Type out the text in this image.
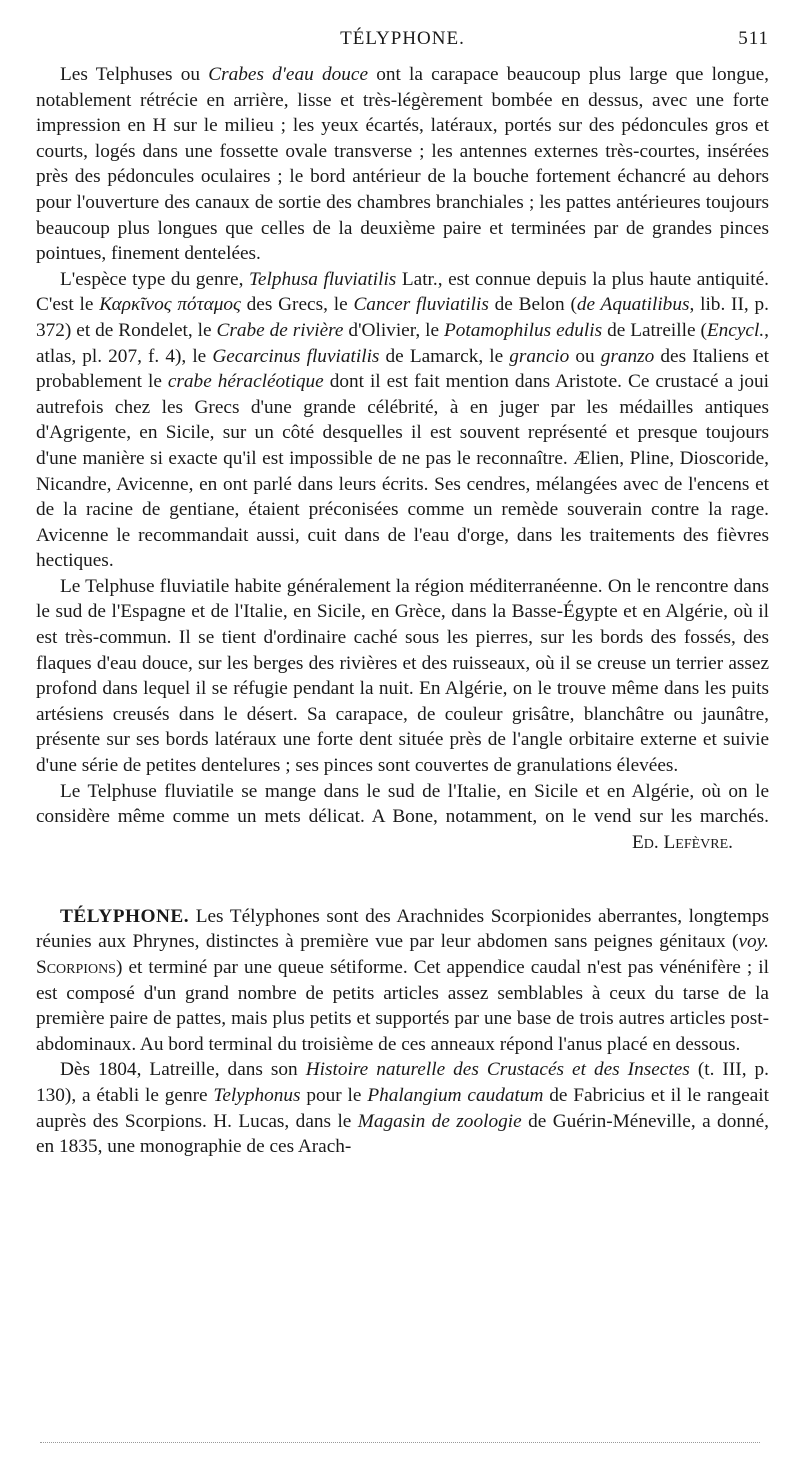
TÉLYPHONE.	511

Les Telphuses ou Crabes d'eau douce ont la carapace beaucoup plus large que longue, notablement rétrécie en arrière, lisse et très-légèrement bombée en dessus, avec une forte impression en H sur le milieu ; les yeux écartés, latéraux, portés sur des pédoncules gros et courts, logés dans une fossette ovale transverse ; les antennes externes très-courtes, insérées près des pédoncules oculaires ; le bord antérieur de la bouche fortement échancré au dehors pour l'ouverture des canaux de sortie des chambres branchiales ; les pattes antérieures toujours beaucoup plus longues que celles de la deuxième paire et terminées par de grandes pinces pointues, finement dentelées.

L'espèce type du genre, Telphusa fluviatilis Latr., est connue depuis la plus haute antiquité. C'est le Καρκῖνος πόταμος des Grecs, le Cancer fluviatilis de Belon (de Aquatilibus, lib. II, p. 372) et de Rondelet, le Crabe de rivière d'Olivier, le Potamophilus edulis de Latreille (Encycl., atlas, pl. 207, f. 4), le Gecarcinus fluviatilis de Lamarck, le grancio ou granzo des Italiens et probablement le crabe héracléotique dont il est fait mention dans Aristote. Ce crustacé a joui autrefois chez les Grecs d'une grande célébrité, à en juger par les médailles antiques d'Agrigente, en Sicile, sur un côté desquelles il est souvent représenté et presque toujours d'une manière si exacte qu'il est impossible de ne pas le reconnaître. Ælien, Pline, Dioscoride, Nicandre, Avicenne, en ont parlé dans leurs écrits. Ses cendres, mélangées avec de l'encens et de la racine de gentiane, étaient préconisées comme un remède souverain contre la rage. Avicenne le recommandait aussi, cuit dans de l'eau d'orge, dans les traitements des fièvres hectiques.

Le Telphuse fluviatile habite généralement la région méditerranéenne. On le rencontre dans le sud de l'Espagne et de l'Italie, en Sicile, en Grèce, dans la Basse-Égypte et en Algérie, où il est très-commun. Il se tient d'ordinaire caché sous les pierres, sur les bords des fossés, des flaques d'eau douce, sur les berges des rivières et des ruisseaux, où il se creuse un terrier assez profond dans lequel il se réfugie pendant la nuit. En Algérie, on le trouve même dans les puits artésiens creusés dans le désert. Sa carapace, de couleur grisâtre, blanchâtre ou jaunâtre, présente sur ses bords latéraux une forte dent située près de l'angle orbitaire externe et suivie d'une série de petites dentelures ; ses pinces sont couvertes de granulations élevées.

Le Telphuse fluviatile se mange dans le sud de l'Italie, en Sicile et en Algérie, où on le considère même comme un mets délicat. A Bone, notamment, on le vend sur les marchés.
Ed. Lefèvre.

TÉLYPHONE. Les Télyphones sont des Arachnides Scorpionides aberrantes, longtemps réunies aux Phrynes, distinctes à première vue par leur abdomen sans peignes génitaux (voy. Scorpions) et terminé par une queue sétiforme. Cet appendice caudal n'est pas vénénifère ; il est composé d'un grand nombre de petits articles assez semblables à ceux du tarse de la première paire de pattes, mais plus petits et supportés par une base de trois autres articles post-abdominaux. Au bord terminal du troisième de ces anneaux répond l'anus placé en dessous.

Dès 1804, Latreille, dans son Histoire naturelle des Crustacés et des Insectes (t. III, p. 130), a établi le genre Telyphonus pour le Phalangium caudatum de Fabricius et il le rangeait auprès des Scorpions. H. Lucas, dans le Magasin de zoologie de Guérin-Méneville, a donné, en 1835, une monographie de ces Arach-
